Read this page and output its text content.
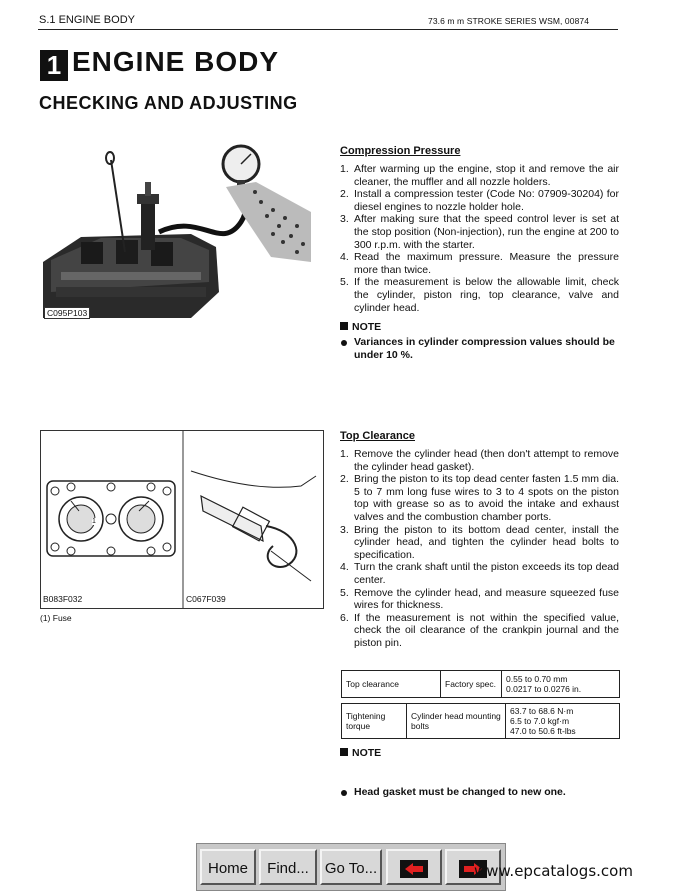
S.1 ENGINE BODY	73.6 m m STROKE SERIES WSM, 00874
1 ENGINE BODY
CHECKING AND ADJUSTING
C095P103
Compression Pressure
1. After warming up the engine, stop it and remove the air cleaner, the muffler and all nozzle holders.
2. Install a compression tester (Code No: 07909-30204) for diesel engines to nozzle holder hole.
3. After making sure that the speed control lever is set at the stop position (Non-injection), run the engine at 200 to 300 r.p.m. with the starter.
4. Read the maximum pressure. Measure the pressure more than twice.
5. If the measurement is below the allowable limit, check the cylinder, piston ring, top clearance, valve and cylinder head.
NOTE
Variances in cylinder compression values should be under 10 %.
1
B083F032	C067F039
(1) Fuse
Top Clearance
1. Remove the cylinder head (then don't attempt to remove the cylinder head gasket).
2. Bring the piston to its top dead center fasten 1.5 mm dia. 5 to 7 mm long fuse wires to 3 to 4 spots on the piston top with grease so as to avoid the intake and exhaust valves and the combustion chamber ports.
3. Bring the piston to its bottom dead center, install the cylinder head, and tighten the cylinder head bolts to specification.
4. Turn the crank shaft until the piston exceeds its top dead center.
5. Remove the cylinder head, and measure squeezed fuse wires for thickness.
6. If the measurement is not within the specified value, check the oil clearance of the crankpin journal and the piston pin.
Top clearance	Factory spec.	0.55 to 0.70 mm
0.0217 to 0.0276 in.
Tightening torque	Cylinder head mounting bolts	
63.7 to 68.6 N·m
6.5 to 7.0 kgf·m
47.0 to 50.6 ft-lbs
NOTE
Head gasket must be changed to new one.
Home	Find...	Go To...	www.epcatalogs.com
